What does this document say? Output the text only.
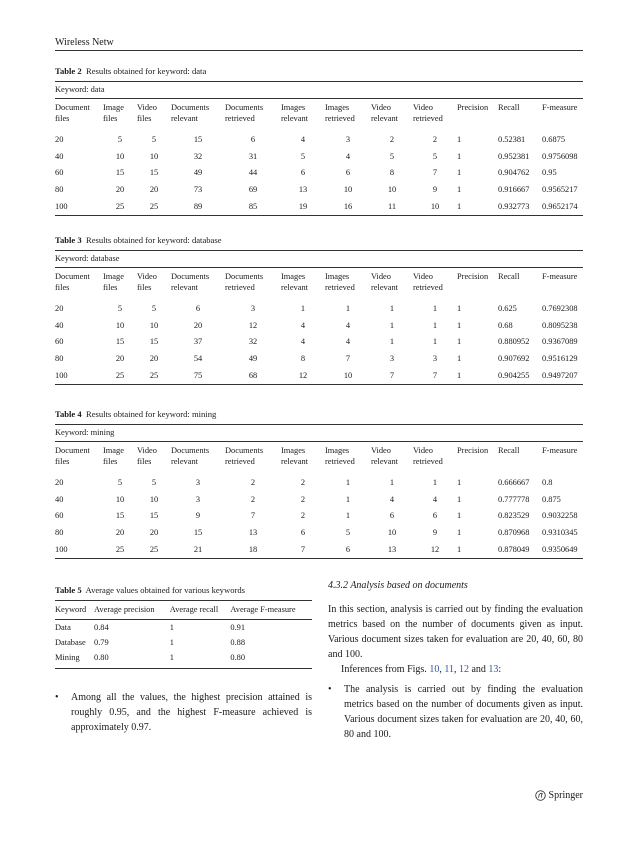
Wireless Netw
Table 2 Results obtained for keyword: data
Keyword: data
Document files	Image files	Video files	Documents relevant	Documents retrieved	Images relevant	Images retrieved	Video relevant	Video retrieved	Precision	Recall	F-measure
20	5	5	15	6	4	3	2	2	1	0.52381	0.6875
40	10	10	32	31	5	4	5	5	1	0.952381	0.9756098
60	15	15	49	44	6	6	8	7	1	0.904762	0.95
80	20	20	73	69	13	10	10	9	1	0.916667	0.9565217
100	25	25	89	85	19	16	11	10	1	0.932773	0.9652174
Table 3 Results obtained for keyword: database
Keyword: database
Document files	Image files	Video files	Documents relevant	Documents retrieved	Images relevant	Images retrieved	Video relevant	Video retrieved	Precision	Recall	F-measure
20	5	5	6	3	1	1	1	1	1	0.625	0.7692308
40	10	10	20	12	4	4	1	1	1	0.68	0.8095238
60	15	15	37	32	4	4	1	1	1	0.880952	0.9367089
80	20	20	54	49	8	7	3	3	1	0.907692	0.9516129
100	25	25	75	68	12	10	7	7	1	0.904255	0.9497207
Table 4 Results obtained for keyword: mining
Keyword: mining
Document files	Image files	Video files	Documents relevant	Documents retrieved	Images relevant	Images retrieved	Video relevant	Video retrieved	Precision	Recall	F-measure
20	5	5	3	2	2	1	1	1	1	0.666667	0.8
40	10	10	3	2	2	1	4	4	1	0.777778	0.875
60	15	15	9	7	2	1	6	6	1	0.823529	0.9032258
80	20	20	15	13	6	5	10	9	1	0.870968	0.9310345
100	25	25	21	18	7	6	13	12	1	0.878049	0.9350649
Table 5 Average values obtained for various keywords
Keyword	Average precision	Average recall	Average F-measure
Data	0.84	1	0.91
Database	0.79	1	0.88
Mining	0.80	1	0.80
•	Among all the values, the highest precision attained is roughly 0.95, and the highest F-measure achieved is approximately 0.97.
4.3.2 Analysis based on documents
In this section, analysis is carried out by finding the evaluation metrics based on the number of documents given as input. Various document sizes taken for evaluation are 20, 40, 60, 80 and 100.
Inferences from Figs. 10, 11, 12 and 13:
•	The analysis is carried out by finding the evaluation metrics based on the number of documents given as input. Various document sizes taken for evaluation are 20, 40, 60, 80 and 100.
Springer
